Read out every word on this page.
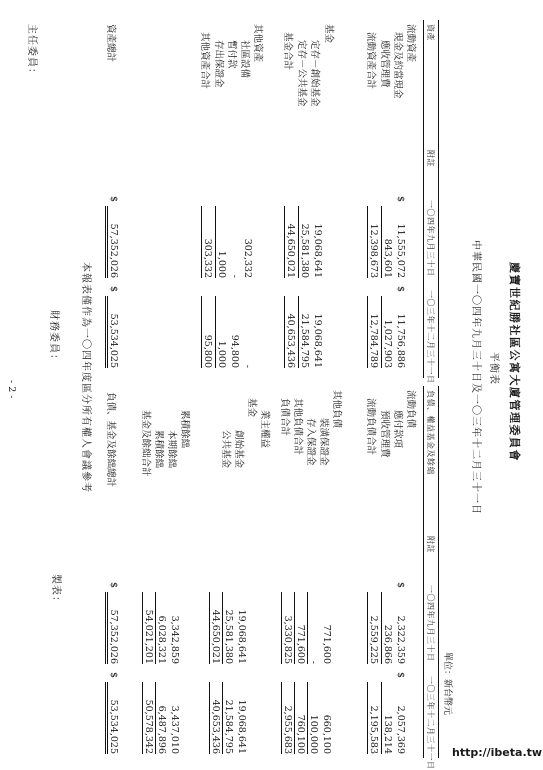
慶寶世紀勝社區公寓大廈管理委員會
平衡表
中華民國一〇四年九月三十日及一〇三年十二月三十一日
單位：新台幣元
資產
附註
一〇四年九月三十日
一〇三年十二月三十一日
負債、權益基金及餘絀
附註
一〇四年九月三十日
一〇三年十二月三十一日
流動資產
現金及約當現金
$
11,555,072
$
11,756,886
應收管理費
843,601
1,027,903
流動資產合計
12,398,673
12,784,789
基金
定存－創始基金
19,068,641
19,068,641
定存－公共基金
25,581,380
21,584,795
基金合計
44,650,021
40,653,436
其他資產
社區設備
302,332
-
暫付款
-
94,800
存出保證金
1,000
1,000
其他資產合計
303,332
95,800
資產總計
$
57,352,026
$
53,534,025
流動負債
應付款項
$
2,322,359
$
2,057,369
預收管理費
236,866
138,214
流動負債合計
2,559,225
2,195,583
其他負債
裝潢保證金
771,600
660,100
存入保證金
-
100,000
其他負債合計
771,600
760,100
負債合計
3,330,825
2,955,683
業主權益
基金
創始基金
19,068,641
19,068,641
公共基金
25,581,380
21,584,795
44,650,021
40,653,436
累積餘絀
本期餘絀
3,342,859
3,437,010
累積餘絀
6,028,321
6,487,896
基金及餘絀合計
54,021,201
50,578,342
負債、基金及餘絀總計
$
57,352,026
$
53,534,025
本報表僅作為一〇四年度區分所有權人會議參考
主任委員：
財務委員：
製表：
- 2 -
http://ibeta.tw
